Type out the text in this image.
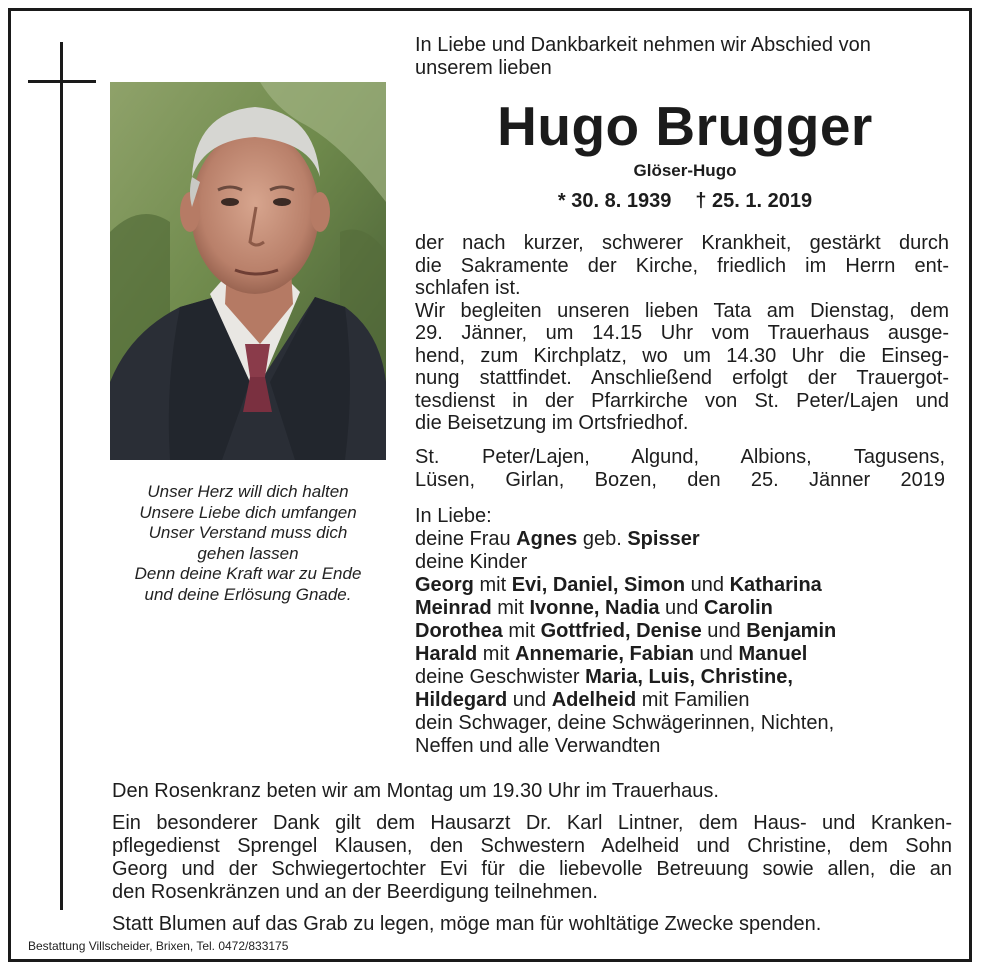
Unser Herz will dich halten
Unsere Liebe dich umfangen
Unser Verstand muss dich
gehen lassen
Denn deine Kraft war zu Ende
und deine Erlösung Gnade.
In Liebe und Dankbarkeit nehmen wir Abschied von
unserem lieben
Hugo Brugger
Glöser-Hugo
* 30. 8. 1939 † 25. 1. 2019
der nach kurzer, schwerer Krankheit, gestärkt durch
die Sakramente der Kirche, friedlich im Herrn ent-
schlafen ist.
Wir begleiten unseren lieben Tata am Dienstag, dem
29. Jänner, um 14.15 Uhr vom Trauerhaus ausge-
hend, zum Kirchplatz, wo um 14.30 Uhr die Einseg-
nung stattfindet. Anschließend erfolgt der Trauergot-
tesdienst in der Pfarrkirche von St. Peter/Lajen und
die Beisetzung im Ortsfriedhof.
St. Peter/Lajen, Algund, Albions, Tagusens,
Lüsen, Girlan, Bozen, den 25. Jänner 2019
In Liebe:
deine Frau Agnes geb. Spisser
deine Kinder
Georg mit Evi, Daniel, Simon und Katharina
Meinrad mit Ivonne, Nadia und Carolin
Dorothea mit Gottfried, Denise und Benjamin
Harald mit Annemarie, Fabian und Manuel
deine Geschwister Maria, Luis, Christine,
Hildegard und Adelheid mit Familien
dein Schwager, deine Schwägerinnen, Nichten,
Neffen und alle Verwandten
Den Rosenkranz beten wir am Montag um 19.30 Uhr im Trauerhaus.
Ein besonderer Dank gilt dem Hausarzt Dr. Karl Lintner, dem Haus- und Kranken-
pflegedienst Sprengel Klausen, den Schwestern Adelheid und Christine, dem Sohn
Georg und der Schwiegertochter Evi für die liebevolle Betreuung sowie allen, die an
den Rosenkränzen und an der Beerdigung teilnehmen.
Statt Blumen auf das Grab zu legen, möge man für wohltätige Zwecke spenden.
Bestattung Villscheider, Brixen, Tel. 0472/833175
